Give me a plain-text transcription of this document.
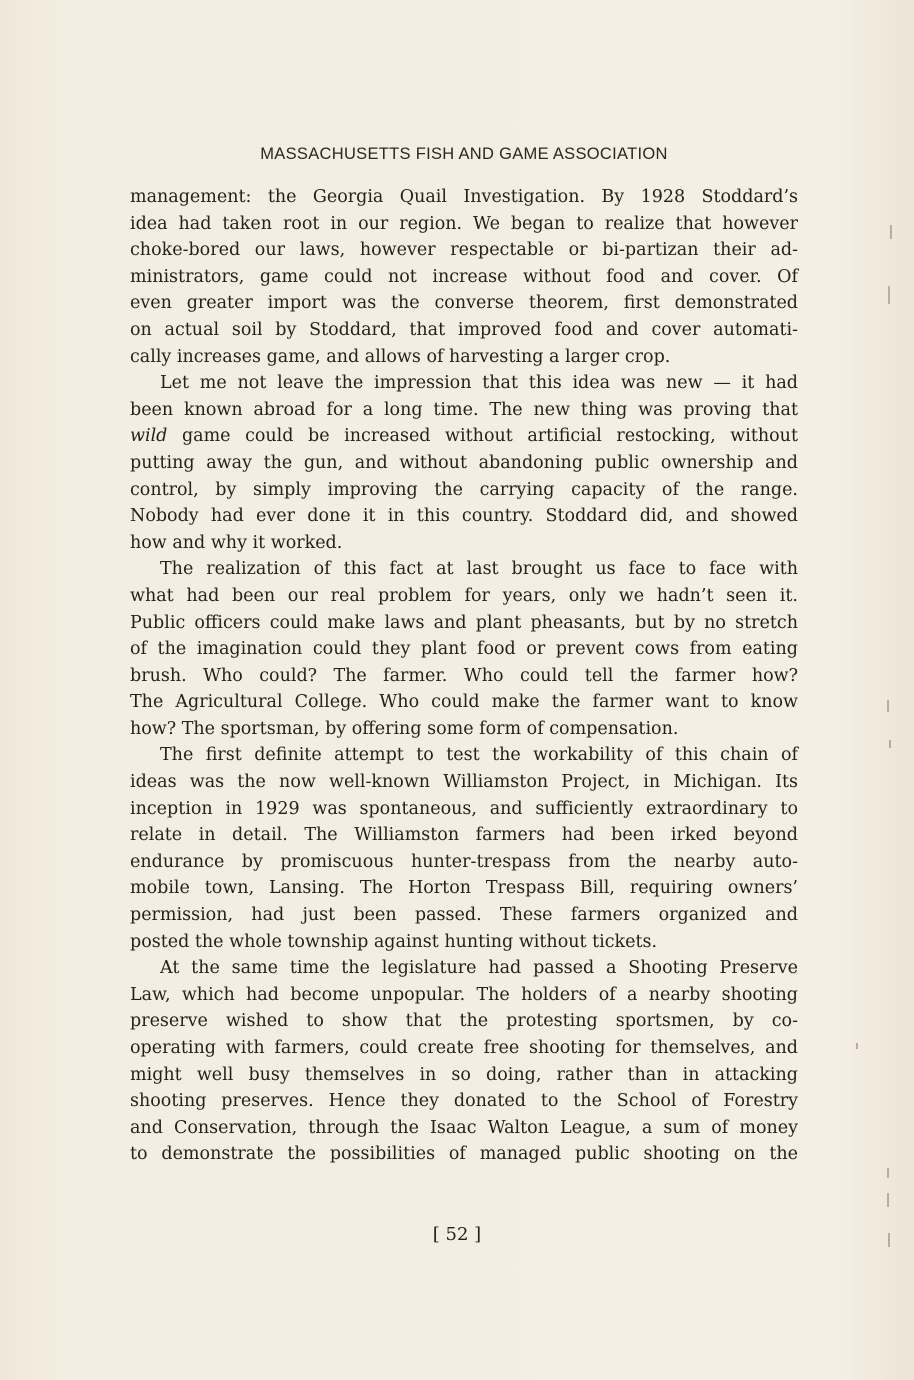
MASSACHUSETTS FISH AND GAME ASSOCIATION
management: the Georgia Quail Investigation. By 1928 Stoddard’s
idea had taken root in our region. We began to realize that however
choke-bored our laws, however respectable or bi-partizan their ad-
ministrators, game could not increase without food and cover. Of
even greater import was the converse theorem, first demonstrated
on actual soil by Stoddard, that improved food and cover automati-
cally increases game, and allows of harvesting a larger crop.
Let me not leave the impression that this idea was new — it had
been known abroad for a long time. The new thing was proving that
wild game could be increased without artificial restocking, without
putting away the gun, and without abandoning public ownership and
control, by simply improving the carrying capacity of the range.
Nobody had ever done it in this country. Stoddard did, and showed
how and why it worked.
The realization of this fact at last brought us face to face with
what had been our real problem for years, only we hadn’t seen it.
Public officers could make laws and plant pheasants, but by no stretch
of the imagination could they plant food or prevent cows from eating
brush. Who could? The farmer. Who could tell the farmer how?
The Agricultural College. Who could make the farmer want to know
how? The sportsman, by offering some form of compensation.
The first definite attempt to test the workability of this chain of
ideas was the now well-known Williamston Project, in Michigan. Its
inception in 1929 was spontaneous, and sufficiently extraordinary to
relate in detail. The Williamston farmers had been irked beyond
endurance by promiscuous hunter-trespass from the nearby auto-
mobile town, Lansing. The Horton Trespass Bill, requiring owners’
permission, had just been passed. These farmers organized and
posted the whole township against hunting without tickets.
At the same time the legislature had passed a Shooting Preserve
Law, which had become unpopular. The holders of a nearby shooting
preserve wished to show that the protesting sportsmen, by co-
operating with farmers, could create free shooting for themselves, and
might well busy themselves in so doing, rather than in attacking
shooting preserves. Hence they donated to the School of Forestry
and Conservation, through the Isaac Walton League, a sum of money
to demonstrate the possibilities of managed public shooting on the
[ 52 ]
